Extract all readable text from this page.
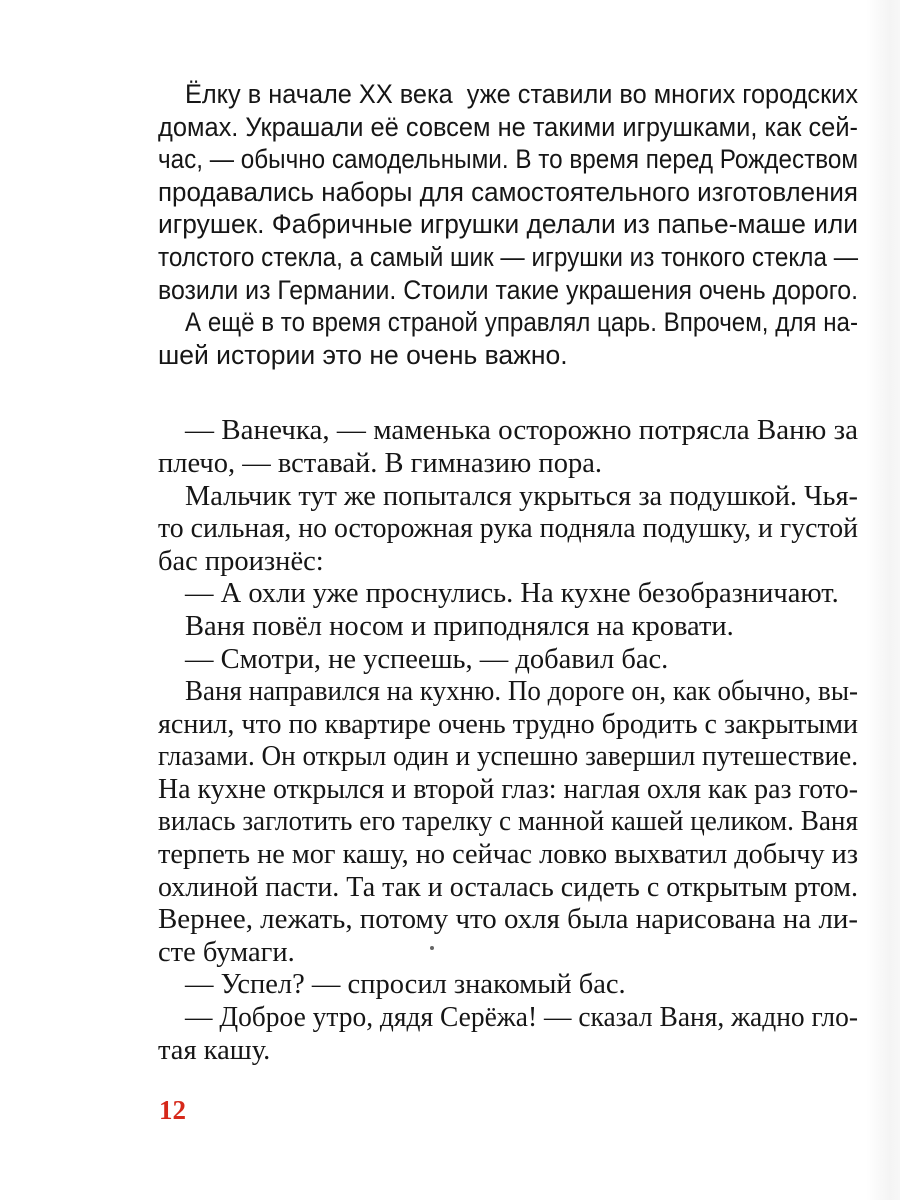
Ёлку в начале XX века  уже ставили во многих городских
домах. Украшали её совсем не такими игрушками, как сей-
час, — обычно самодельными. В то время перед Рождеством
продавались наборы для самостоятельного изготовления
игрушек. Фабричные игрушки делали из папье-маше или
толстого стекла, а самый шик — игрушки из тонкого стекла —
возили из Германии. Стоили такие украшения очень дорого.
А ещё в то время страной управлял царь. Впрочем, для на-
шей истории это не очень важно.
— Ванечка, — маменька осторожно потрясла Ваню за
плечо, — вставай. В гимназию пора.
Мальчик тут же попытался укрыться за подушкой. Чья-
то сильная, но осторожная рука подняла подушку, и густой
бас произнёс:
— А охли уже проснулись. На кухне безобразничают.
Ваня повёл носом и приподнялся на кровати.
— Смотри, не успеешь, — добавил бас.
Ваня направился на кухню. По дороге он, как обычно, вы-
яснил, что по квартире очень трудно бродить с закрытыми
глазами. Он открыл один и успешно завершил путешествие.
На кухне открылся и второй глаз: наглая охля как раз гото-
вилась заглотить его тарелку с манной кашей целиком. Ваня
терпеть не мог кашу, но сейчас ловко выхватил добычу из
охлиной пасти. Та так и осталась сидеть с открытым ртом.
Вернее, лежать, потому что охля была нарисована на ли-
сте бумаги.
— Успел? — спросил знакомый бас.
— Доброе утро, дядя Серёжа! — сказал Ваня, жадно гло-
тая кашу.
12
